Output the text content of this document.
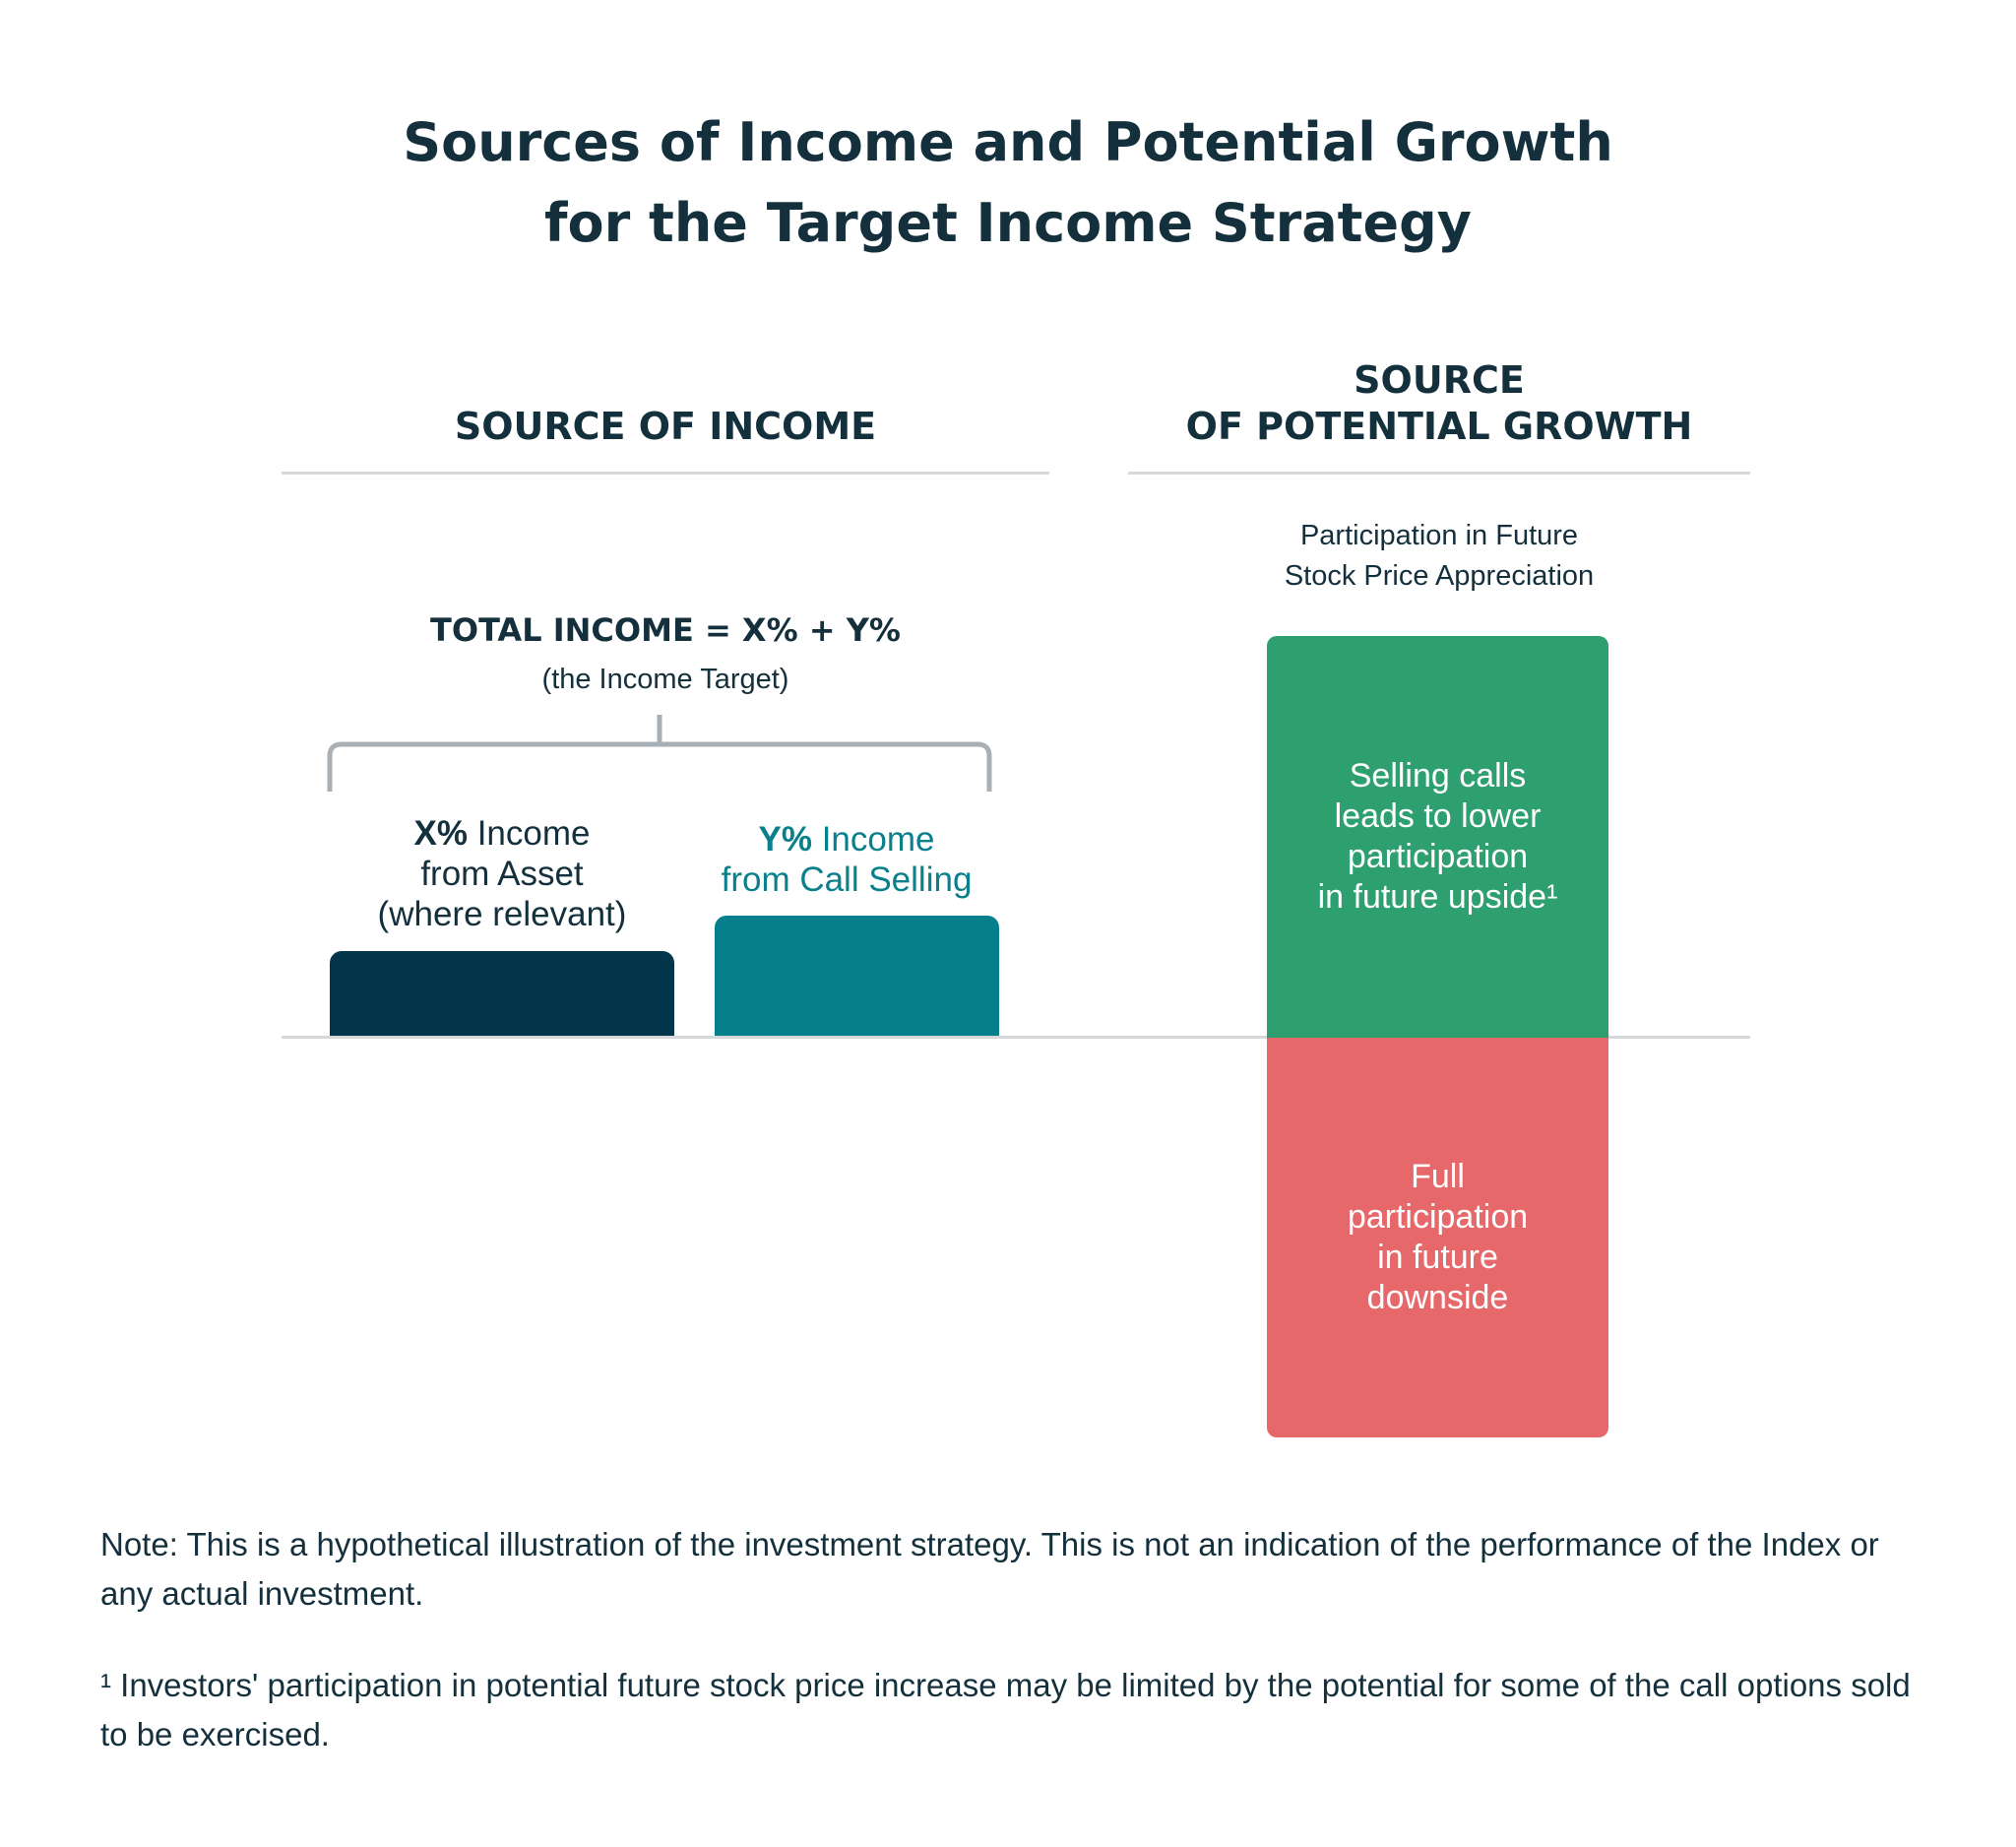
Sources of Income and Potential Growth
for the Target Income Strategy
SOURCE OF INCOME
SOURCE
OF POTENTIAL GROWTH
Participation in Future
Stock Price Appreciation
TOTAL INCOME = X% + Y%
(the Income Target)
X% Income
from Asset
(where relevant)
Y% Income
from Call Selling
Selling calls
leads to lower
participation
in future upside¹
Full
participation
in future
downside

Note: This is a hypothetical illustration of the investment strategy. This is not an indication of the performance of the Index or any actual investment.

¹ Investors' participation in potential future stock price increase may be limited by the potential for some of the call options sold to be exercised.
